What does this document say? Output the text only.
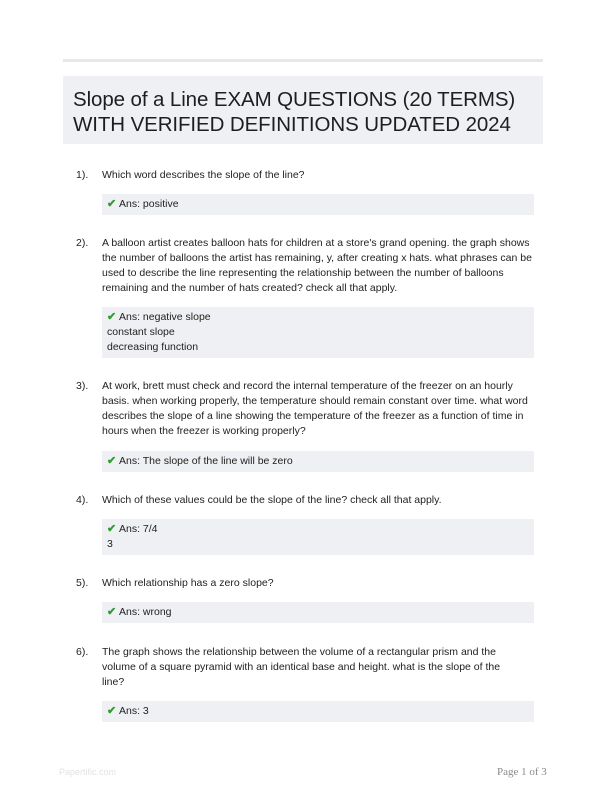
Slope of a Line EXAM QUESTIONS (20 TERMS) WITH VERIFIED DEFINITIONS UPDATED 2024
1). Which word describes the slope of the line?

✔ Ans: positive
2). A balloon artist creates balloon hats for children at a store's grand opening. the graph shows the number of balloons the artist has remaining, y, after creating x hats. what phrases can be used to describe the line representing the relationship between the number of balloons remaining and the number of hats created? check all that apply.

✔ Ans: negative slope
constant slope
decreasing function
3). At work, brett must check and record the internal temperature of the freezer on an hourly basis. when working properly, the temperature should remain constant over time. what word describes the slope of a line showing the temperature of the freezer as a function of time in hours when the freezer is working properly?

✔ Ans: The slope of the line will be zero
4). Which of these values could be the slope of the line? check all that apply.

✔ Ans: 7/4
3
5). Which relationship has a zero slope?

✔ Ans: wrong
6). The graph shows the relationship between the volume of a rectangular prism and the volume of a square pyramid with an identical base and height. what is the slope of the line?

✔ Ans: 3
Papertific.com	Page 1 of 3
